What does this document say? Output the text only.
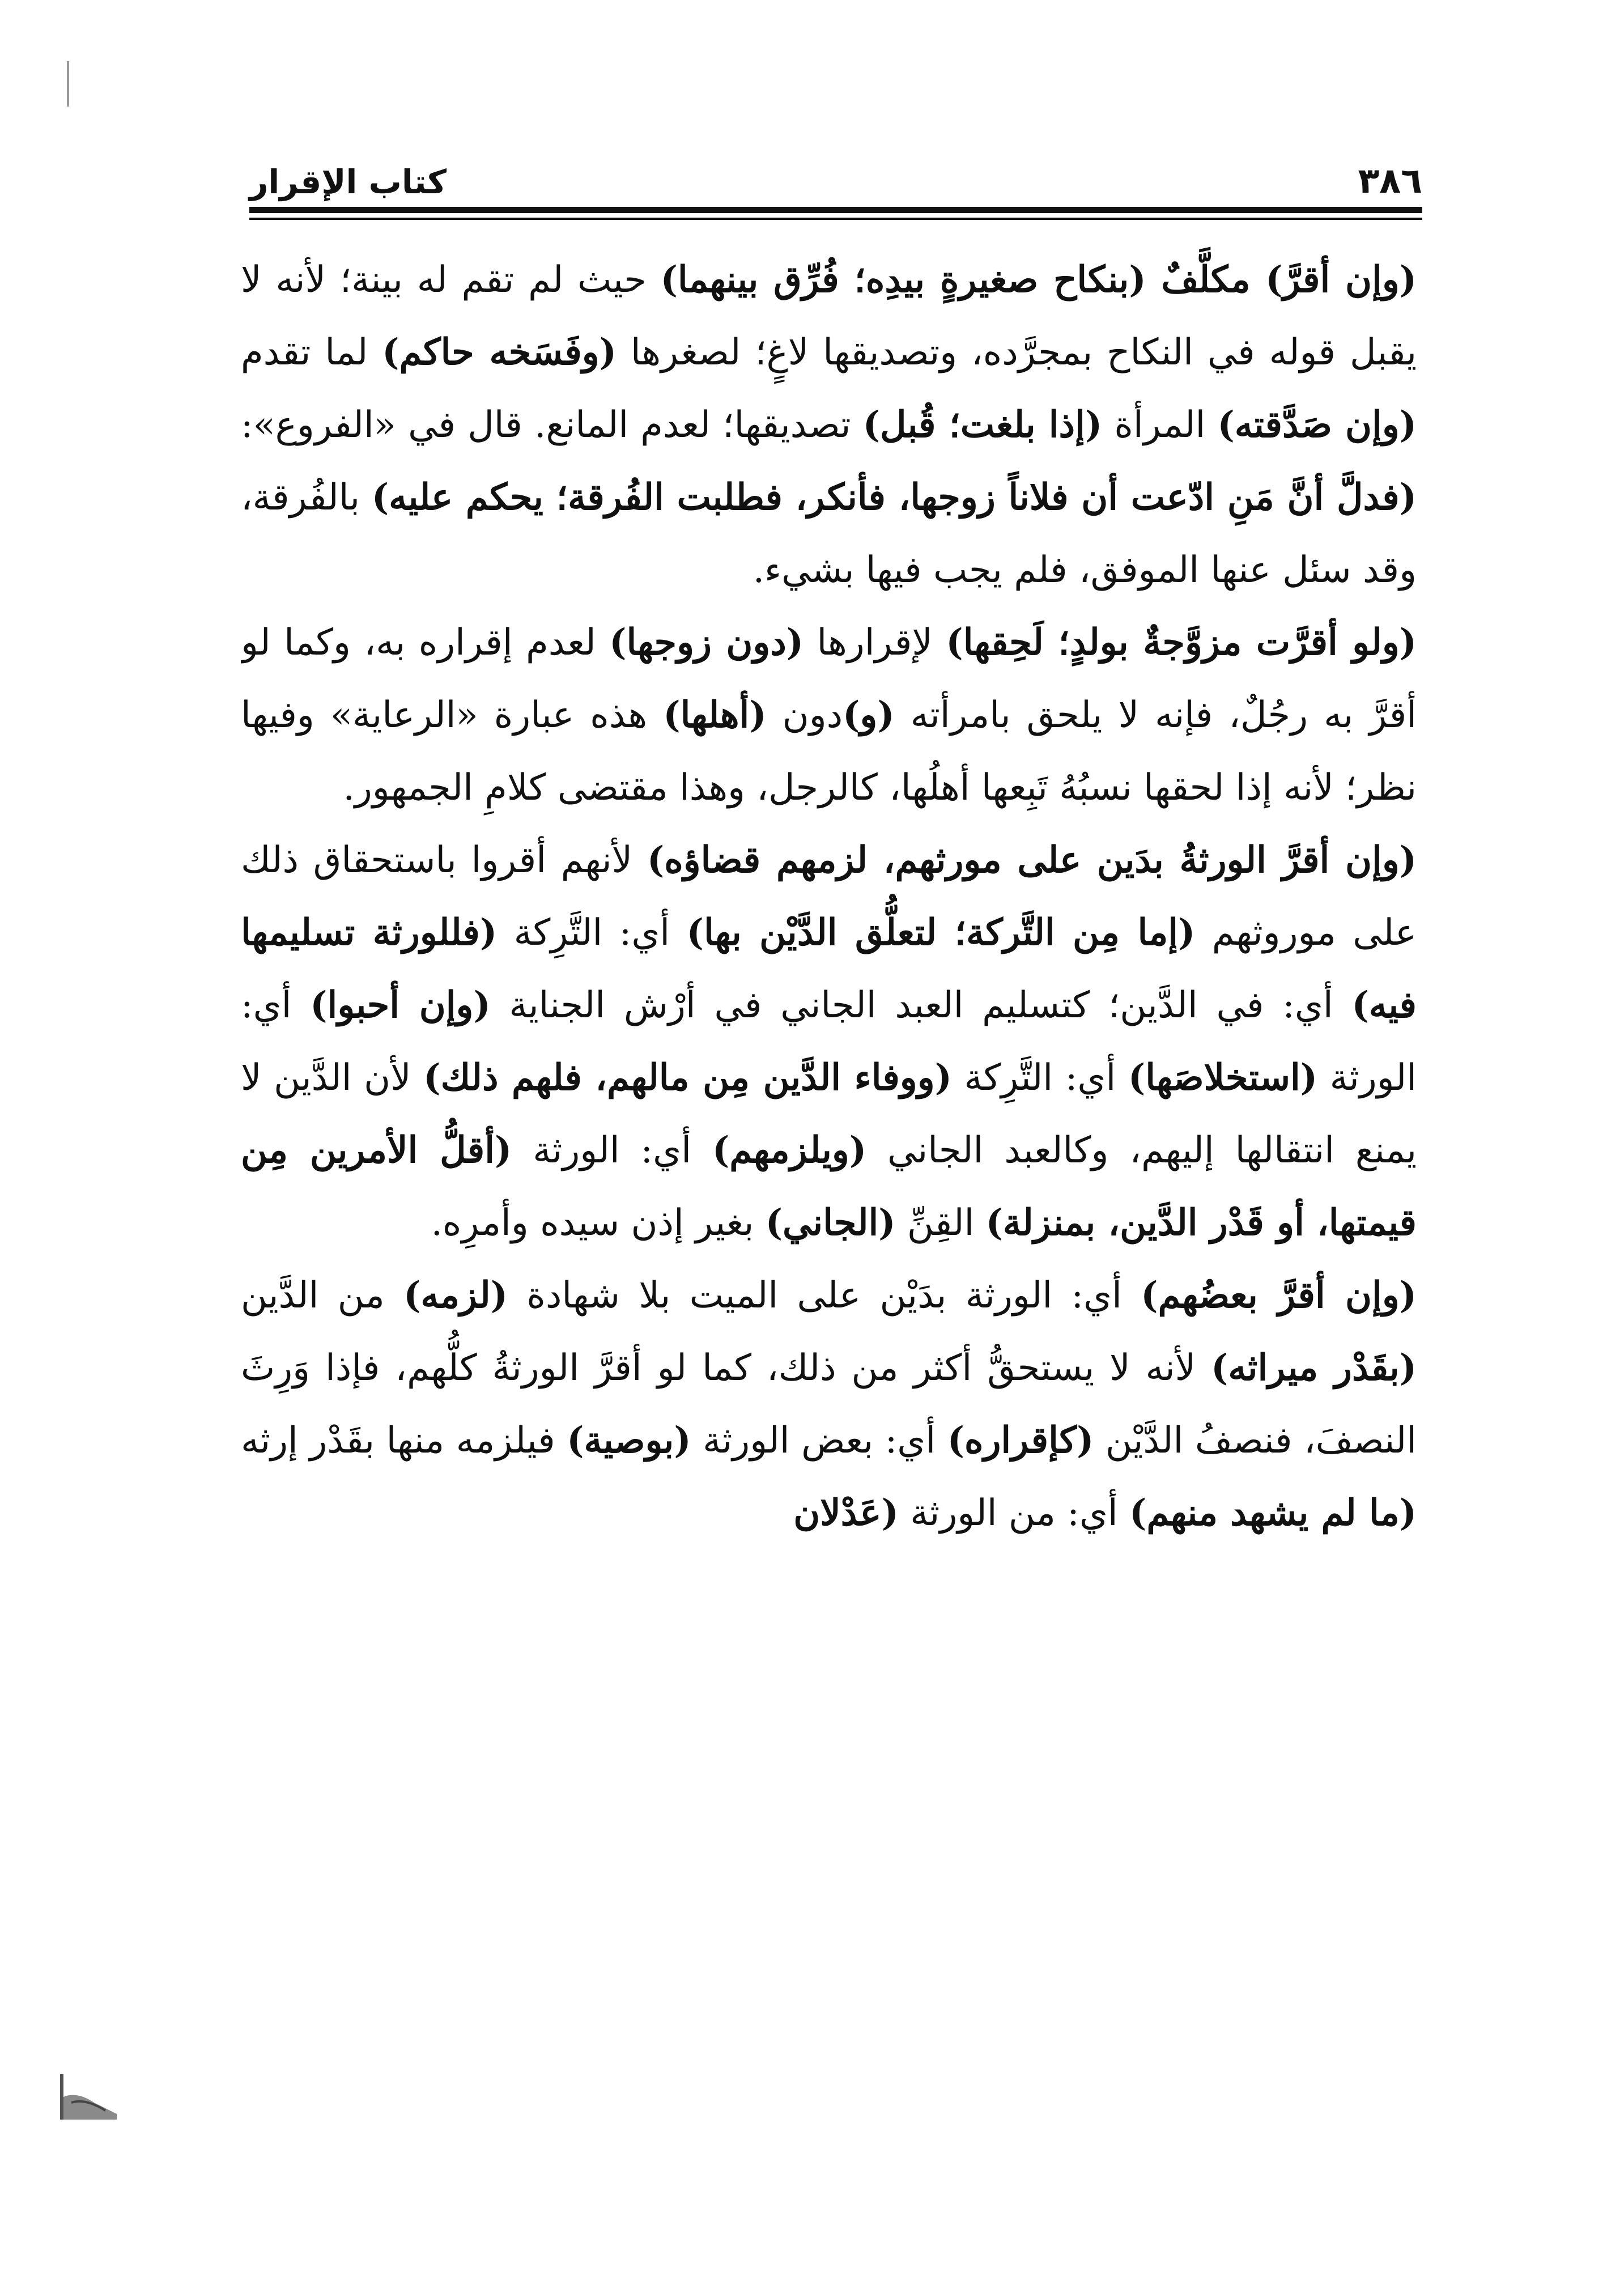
٣٨٦
كتاب الإقرار

(وإن أقرَّ) مكلَّفٌ (بنكاح صغيرةٍ بيدِه؛ فُرِّق بينهما) حيث لم تقم له بينة؛ لأنه لا يقبل قوله في النكاح بمجرَّده، وتصديقها لاغٍ؛ لصغرها (وفَسَخه حاكم) لما تقدم (وإن صَدَّقته) المرأة (إذا بلغت؛ قُبل) تصديقها؛ لعدم المانع. قال في «الفروع»: (فدلَّ أنَّ مَنِ ادّعت أن فلاناً زوجها، فأنكر، فطلبت الفُرقة؛ يحكم عليه) بالفُرقة، وقد سئل عنها الموفق، فلم يجب فيها بشيء.

(ولو أقرَّت مزوَّجةٌ بولدٍ؛ لَحِقها) لإقرارها (دون زوجها) لعدم إقراره به، وكما لو أقرَّ به رجُلٌ، فإنه لا يلحق بامرأته (و)دون (أهلها) هذه عبارة «الرعاية» وفيها نظر؛ لأنه إذا لحقها نسبُهُ تَبِعها أهلُها، كالرجل، وهذا مقتضى كلامِ الجمهور.

(وإن أقرَّ الورثةُ بدَين على مورثهم، لزمهم قضاؤه) لأنهم أقروا باستحقاق ذلك على موروثهم (إما مِن التَّركة؛ لتعلُّق الدَّيْن بها) أي: التَّرِكة (فللورثة تسليمها فيه) أي: في الدَّين؛ كتسليم العبد الجاني في أرْش الجناية (وإن أحبوا) أي: الورثة (استخلاصَها) أي: التَّرِكة (ووفاء الدَّين مِن مالهم، فلهم ذلك) لأن الدَّين لا يمنع انتقالها إليهم، وكالعبد الجاني (ويلزمهم) أي: الورثة (أقلُّ الأمرين مِن قيمتها، أو قَدْر الدَّين، بمنزلة) القِنِّ (الجاني) بغير إذن سيده وأمرِه.

(وإن أقرَّ بعضُهم) أي: الورثة بدَيْن على الميت بلا شهادة (لزمه) من الدَّين (بقَدْر ميراثه) لأنه لا يستحقُّ أكثر من ذلك، كما لو أقرَّ الورثةُ كلُّهم، فإذا وَرِثَ النصفَ، فنصفُ الدَّيْن (كإقراره) أي: بعض الورثة (بوصية) فيلزمه منها بقَدْر إرثه (ما لم يشهد منهم) أي: من الورثة (عَدْلان
